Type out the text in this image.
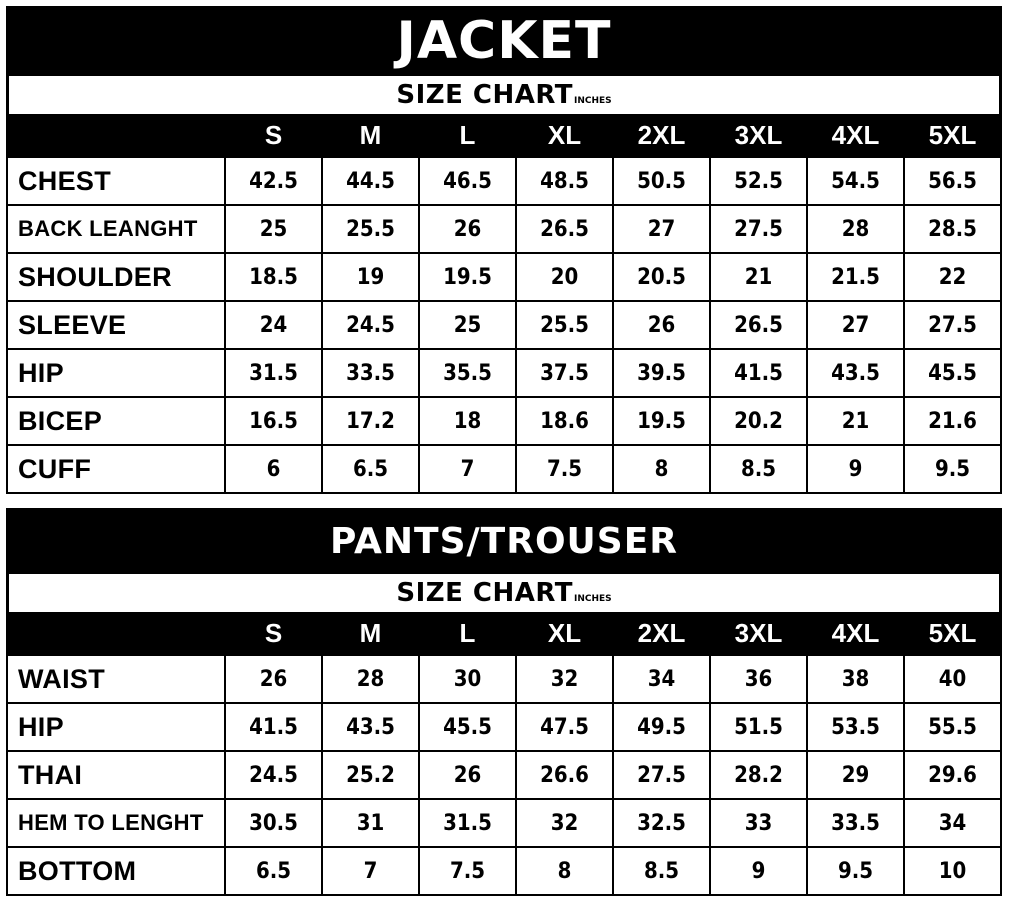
JACKET
SIZE CHART INCHES
	S	M	L	XL	2XL	3XL	4XL	5XL
CHEST	42.5	44.5	46.5	48.5	50.5	52.5	54.5	56.5
BACK LEANGHT	25	25.5	26	26.5	27	27.5	28	28.5
SHOULDER	18.5	19	19.5	20	20.5	21	21.5	22
SLEEVE	24	24.5	25	25.5	26	26.5	27	27.5
HIP	31.5	33.5	35.5	37.5	39.5	41.5	43.5	45.5
BICEP	16.5	17.2	18	18.6	19.5	20.2	21	21.6
CUFF	6	6.5	7	7.5	8	8.5	9	9.5
PANTS/TROUSER
SIZE CHART INCHES
	S	M	L	XL	2XL	3XL	4XL	5XL
WAIST	26	28	30	32	34	36	38	40
HIP	41.5	43.5	45.5	47.5	49.5	51.5	53.5	55.5
THAI	24.5	25.2	26	26.6	27.5	28.2	29	29.6
HEM TO LENGHT	30.5	31	31.5	32	32.5	33	33.5	34
BOTTOM	6.5	7	7.5	8	8.5	9	9.5	10
